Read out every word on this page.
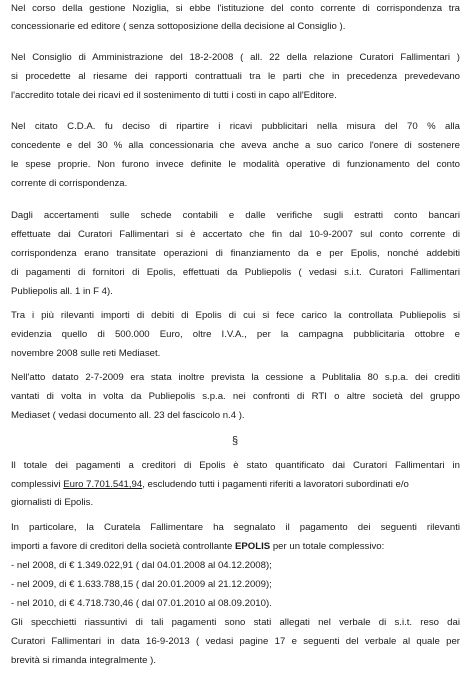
Nel corso della gestione Noziglia, si ebbe l'istituzione del conto corrente di corrispondenza tra
concessionarie ed editore ( senza sottoposizione della decisione al Consiglio ).
Nel Consiglio di Amministrazione del 18-2-2008 ( all. 22 della relazione Curatori Fallimentari )
si procedette al riesame dei rapporti contrattuali tra le parti che in precedenza prevedevano
l'accredito totale dei ricavi ed il sostenimento di tutti i costi in capo all'Editore.
Nel citato C.D.A. fu deciso di ripartire i ricavi pubblicitari nella misura del 70 % alla
concedente e del 30 % alla concessionaria che aveva anche a suo carico l'onere di sostenere
le spese proprie. Non furono invece definite le modalità operative di funzionamento del conto
corrente di corrispondenza.
Dagli accertamenti sulle schede contabili e dalle verifiche sugli estratti conto bancari
effettuate dai Curatori Fallimentari si è accertato che fin dal 10-9-2007 sul conto corrente di
corrispondenza erano transitate operazioni di finanziamento da e per Epolis, nonché addebiti
di pagamenti di fornitori di Epolis, effettuati da Publiepolis ( vedasi s.i.t. Curatori Fallimentari
Publiepolis all. 1 in F 4).
Tra i più rilevanti importi di debiti di Epolis di cui si fece carico la controllata Publiepolis si
evidenzia quello di 500.000 Euro, oltre I.V.A., per la campagna pubblicitaria ottobre e
novembre 2008 sulle reti Mediaset.
Nell'atto datato 2-7-2009 era stata inoltre prevista la cessione a Publitalia 80 s.p.a. dei crediti
vantati di volta in volta da Publiepolis s.p.a. nei confronti di RTI o altre società del gruppo
Mediaset ( vedasi documento all. 23 del fascicolo n.4 ).
§
Il totale dei pagamenti a creditori di Epolis è stato quantificato dai Curatori Fallimentari in
complessivi Euro 7.701.541,94, escludendo tutti i pagamenti riferiti a lavoratori subordinati e/o
giornalisti di Epolis.
In particolare, la Curatela Fallimentare ha segnalato il pagamento dei seguenti rilevanti
importi a favore di creditori della società controllante EPOLIS per un totale complessivo:
- nel 2008, di € 1.349.022,91 ( dal 04.01.2008 al 04.12.2008);
- nel 2009, di € 1.633.788,15 ( dal 20.01.2009 al 21.12.2009);
- nel 2010, di € 4.718.730,46 ( dal 07.01.2010 al 08.09.2010).
Gli specchietti riassuntivi di tali pagamenti sono stati allegati nel verbale di s.i.t. reso dai
Curatori Fallimentari in data 16-9-2013 ( vedasi pagine 17 e seguenti del verbale al quale per
brevità si rimanda integralmente ).
